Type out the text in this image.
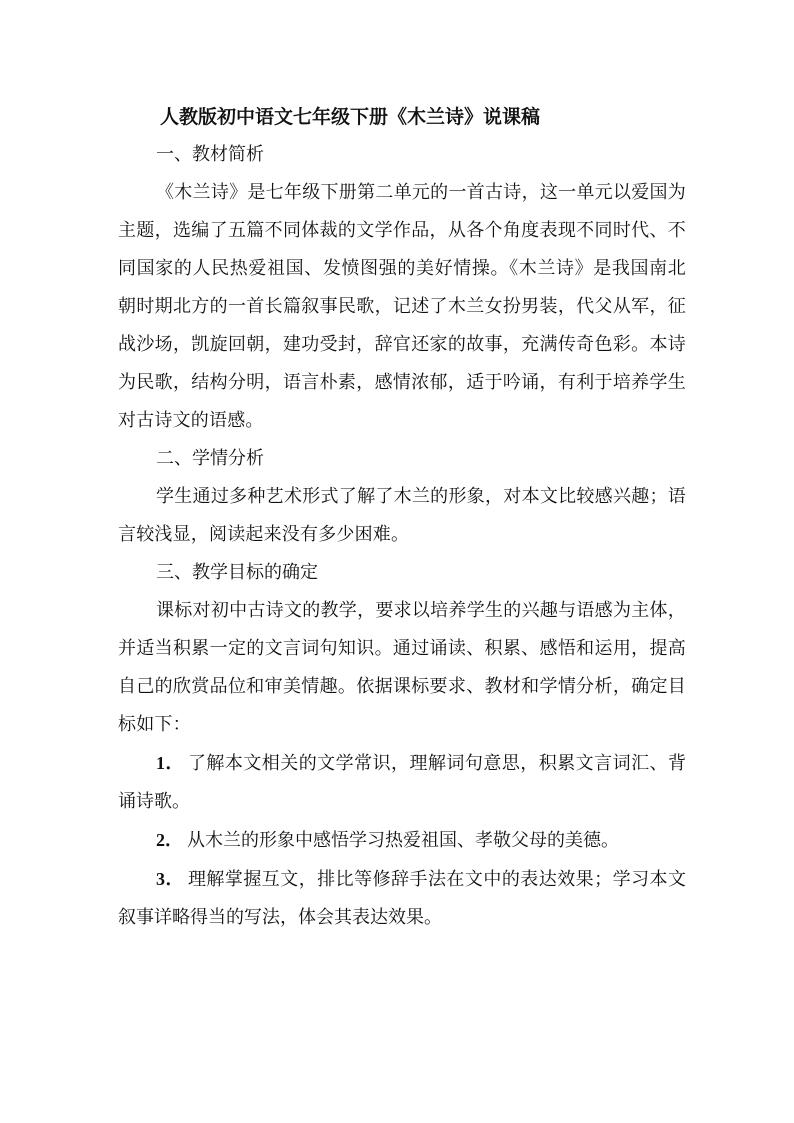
人教版初中语文七年级下册《木兰诗》说课稿

一、教材简析

《木兰诗》是七年级下册第二单元的一首古诗，这一单元以爱国为主题，选编了五篇不同体裁的文学作品，从各个角度表现不同时代、不同国家的人民热爱祖国、发愤图强的美好情操。《木兰诗》是我国南北朝时期北方的一首长篇叙事民歌，记述了木兰女扮男装，代父从军，征战沙场，凯旋回朝，建功受封，辞官还家的故事，充满传奇色彩。本诗为民歌，结构分明，语言朴素，感情浓郁，适于吟诵，有利于培养学生对古诗文的语感。

二、学情分析

学生通过多种艺术形式了解了木兰的形象，对本文比较感兴趣；语言较浅显，阅读起来没有多少困难。

三、教学目标的确定

课标对初中古诗文的教学，要求以培养学生的兴趣与语感为主体，并适当积累一定的文言词句知识。通过诵读、积累、感悟和运用，提高自己的欣赏品位和审美情趣。依据课标要求、教材和学情分析，确定目标如下：

1． 了解本文相关的文学常识，理解词句意思，积累文言词汇、背诵诗歌。

2． 从木兰的形象中感悟学习热爱祖国、孝敬父母的美德。

3． 理解掌握互文，排比等修辞手法在文中的表达效果；学习本文叙事详略得当的写法，体会其表达效果。
